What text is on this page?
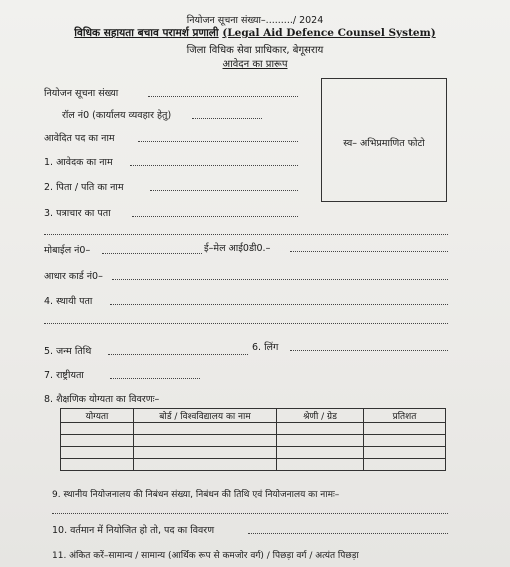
नियोजन सूचना संख्या–........./ 2024
विधिक सहायता बचाव परामर्श प्रणाली (Legal Aid Defence Counsel System)
जिला विधिक सेवा प्राधिकार, बेगूसराय
आवेदन का प्रारूप
स्व– अभिप्रमाणित फोटो
नियोजन सूचना संख्या
रॉल नं0 (कार्यालय व्यवहार हेतु)
आवेदित पद का नाम
1. आवेदक का नाम
2. पिता / पति का नाम
3. पत्राचार का पता
मोबाईल नं0–	ई–मेल आई0डी0.–
आधार कार्ड नं0–
4. स्थायी पता
5. जन्म तिथि	6. लिंग
7. राष्ट्रीयता
8. शैक्षणिक योग्यता का विवरणः–
योग्यता	बोर्ड / विश्वविद्यालय का नाम	श्रेणी / ग्रेड	प्रतिशत

9. स्थानीय नियोजनालय की निबंधन संख्या, निबंधन की तिथि एवं नियोजनालय का नामः–
10. वर्तमान में नियोजित हो तो, पद का विवरण
11. अंकित करें–सामान्य / सामान्य (आर्थिक रूप से कमजोर वर्ग) / पिछड़ा वर्ग / अत्यंत पिछड़ा
